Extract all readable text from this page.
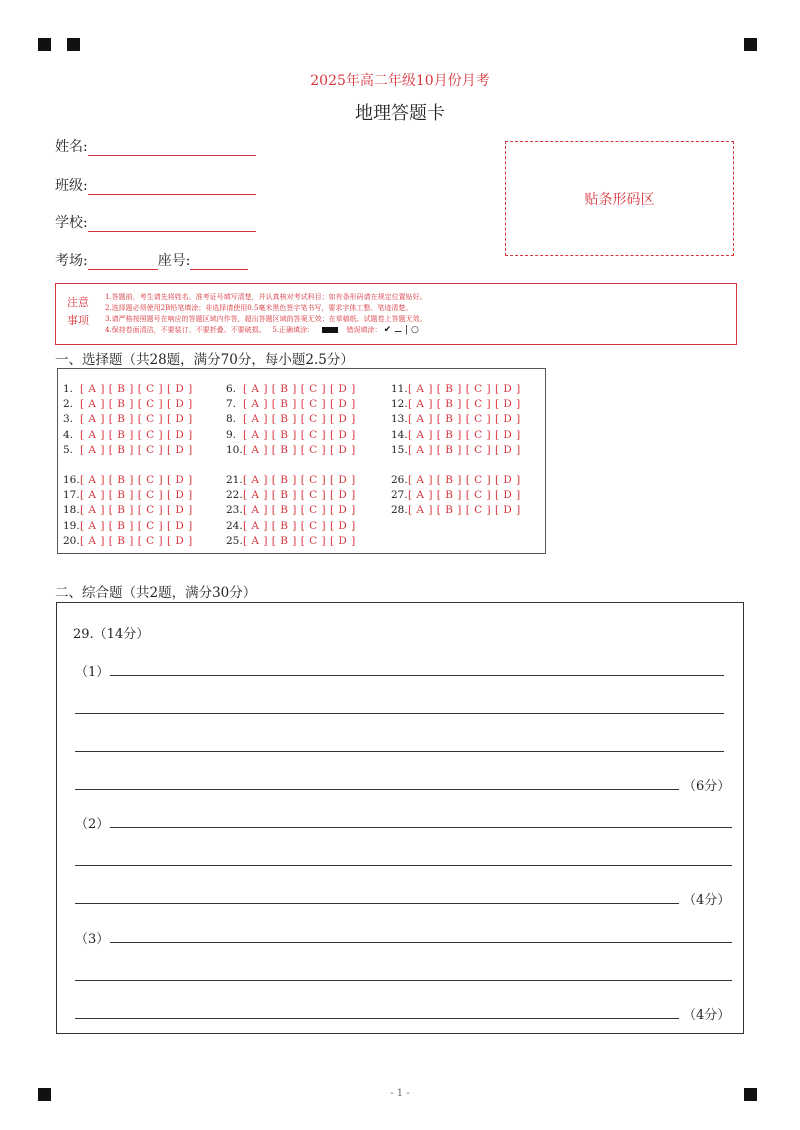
2025年高二年级10月份月考
地理答题卡
姓名:
班级:
学校:
考场:	座号:
贴条形码区
注意
事项
1.答题前，考生请先将姓名、准考证号填写清楚，并认真核对考试科目；如有条形码请在规定位置贴好。
2.选择题必须使用2B铅笔填涂；非选择请使用0.5毫米黑色签字笔书写，要求字体工整、笔迹清楚。
3.请严格按照题号在响应的答题区域内作答，超出答题区域的答案无效；在草稿纸、试题卷上答题无效。
4.保持卷面清洁，不要装订、不要折叠、不要破损。 5.正确填涂：	错误填涂： ✔ ⚊ | ○
一、选择题（共28题，满分70分，每小题2.5分）
1. [ A ] [ B ] [ C ] [ D ]
2. [ A ] [ B ] [ C ] [ D ]
3. [ A ] [ B ] [ C ] [ D ]
4. [ A ] [ B ] [ C ] [ D ]
5. [ A ] [ B ] [ C ] [ D ]
16.[ A ] [ B ] [ C ] [ D ]
17.[ A ] [ B ] [ C ] [ D ]
18.[ A ] [ B ] [ C ] [ D ]
19.[ A ] [ B ] [ C ] [ D ]
20.[ A ] [ B ] [ C ] [ D ]
6. [ A ] [ B ] [ C ] [ D ]
7. [ A ] [ B ] [ C ] [ D ]
8. [ A ] [ B ] [ C ] [ D ]
9. [ A ] [ B ] [ C ] [ D ]
10.[ A ] [ B ] [ C ] [ D ]
21.[ A ] [ B ] [ C ] [ D ]
22.[ A ] [ B ] [ C ] [ D ]
23.[ A ] [ B ] [ C ] [ D ]
24.[ A ] [ B ] [ C ] [ D ]
25.[ A ] [ B ] [ C ] [ D ]
11.[ A ] [ B ] [ C ] [ D ]
12.[ A ] [ B ] [ C ] [ D ]
13.[ A ] [ B ] [ C ] [ D ]
14.[ A ] [ B ] [ C ] [ D ]
15.[ A ] [ B ] [ C ] [ D ]
26.[ A ] [ B ] [ C ] [ D ]
27.[ A ] [ B ] [ C ] [ D ]
28.[ A ] [ B ] [ C ] [ D ]
二、综合题（共2题，满分30分）
29.（14分）
（1）
（6分）
（2）
（4分）
（3）
（4分）
- 1 -
